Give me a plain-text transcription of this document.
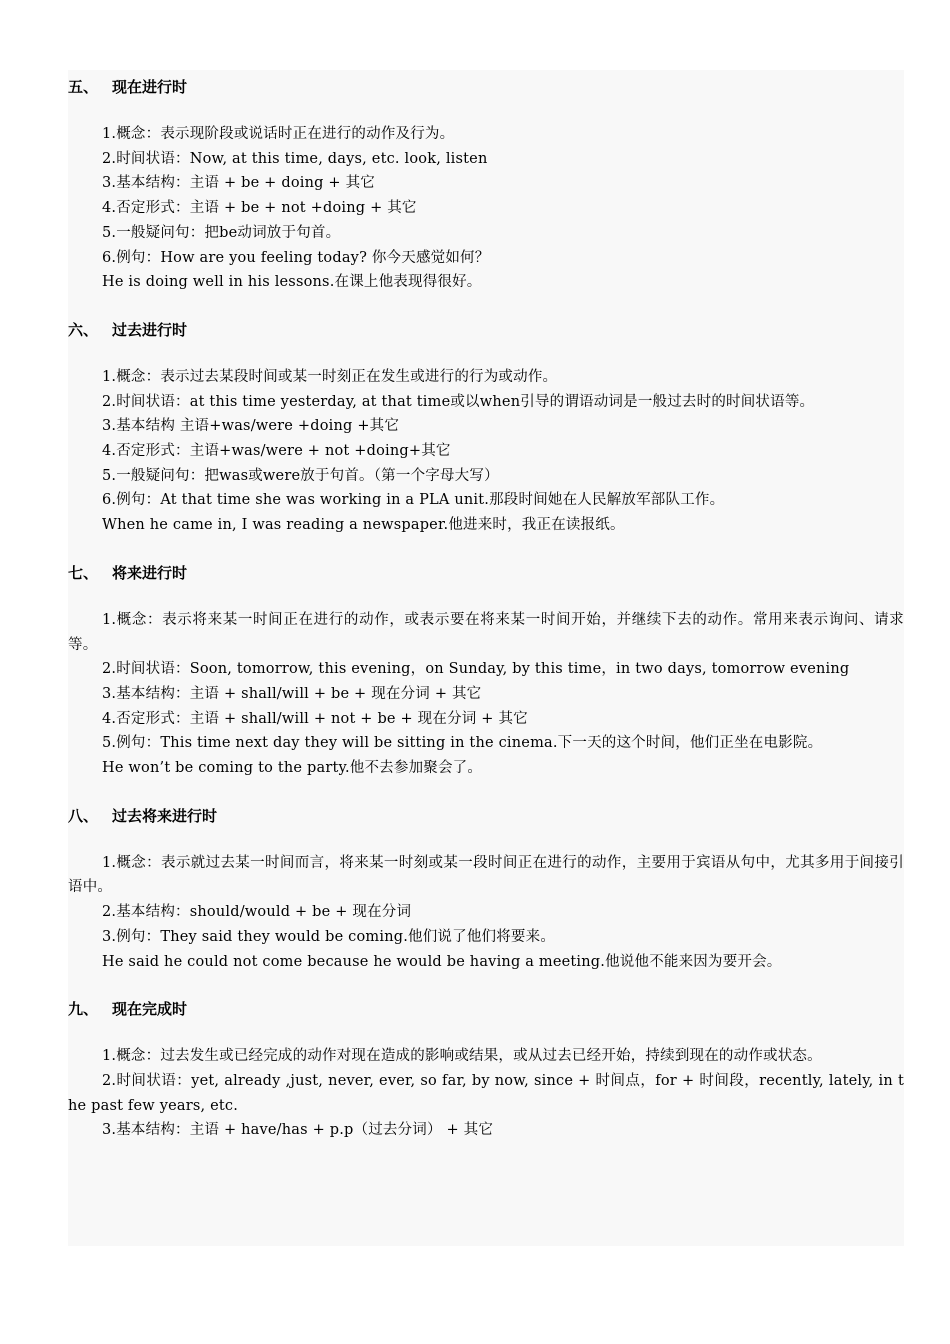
五、 现在进行时

1.概念：表示现阶段或说话时正在进行的动作及行为。

2.时间状语：Now, at this time, days, etc. look, listen

3.基本结构：主语 + be + doing + 其它

4.否定形式：主语 + be + not +doing + 其它

5.一般疑问句：把be动词放于句首。

6.例句：How are you feeling today? 你今天感觉如何？

He is doing well in his lessons.在课上他表现得很好。

六、 过去进行时

1.概念：表示过去某段时间或某一时刻正在发生或进行的行为或动作。

2.时间状语：at this time yesterday, at that time或以when引导的谓语动词是一般过去时的时间状语等。

3.基本结构 主语+was/were +doing +其它

4.否定形式：主语+was/were + not +doing+其它

5.一般疑问句：把was或were放于句首。（第一个字母大写）

6.例句：At that time she was working in a PLA unit.那段时间她在人民解放军部队工作。

When he came in, I was reading a newspaper.他进来时，我正在读报纸。

七、 将来进行时

1.概念：表示将来某一时间正在进行的动作，或表示要在将来某一时间开始，并继续下去的动作。常用来表示询问、请求等。

2.时间状语：Soon, tomorrow, this evening，on Sunday, by this time，in two days, tomorrow evening

3.基本结构：主语 + shall/will + be + 现在分词 + 其它

4.否定形式：主语 + shall/will + not + be + 现在分词 + 其它

5.例句：This time next day they will be sitting in the cinema.下一天的这个时间，他们正坐在电影院。

He won’t be coming to the party.他不去参加聚会了。

八、 过去将来进行时

1.概念：表示就过去某一时间而言，将来某一时刻或某一段时间正在进行的动作，主要用于宾语从句中，尤其多用于间接引语中。

2.基本结构：should/would + be + 现在分词

3.例句：They said they would be coming.他们说了他们将要来。

He said he could not come because he would be having a meeting.他说他不能来因为要开会。

九、 现在完成时

1.概念：过去发生或已经完成的动作对现在造成的影响或结果，或从过去已经开始，持续到现在的动作或状态。

2.时间状语：yet, already ,just, never, ever, so far, by now, since + 时间点，for + 时间段，recently, lately, in the past few years, etc.

3.基本结构：主语 + have/has + p.p（过去分词） + 其它
